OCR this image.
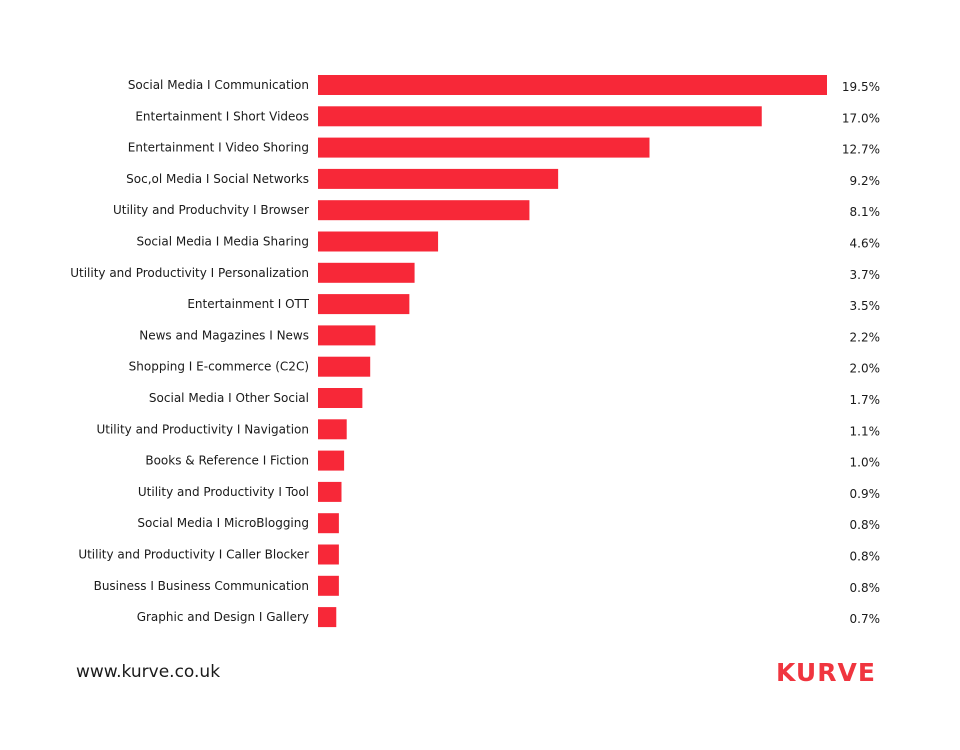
Social Media I Communication	19.5%
Entertainment I Short Videos	17.0%
Entertainment I Video Shoring	12.7%
Soc,ol Media I Social Networks	9.2%
Utility and Produchvity I Browser	8.1%
Social Media I Media Sharing	4.6%
Utility and Productivity I Personalization	3.7%
Entertainment I OTT	3.5%
News and Magazines I News	2.2%
Shopping I E-commerce (C2C)	2.0%
Social Media I Other Social	1.7%
Utility and Productivity I Navigation	1.1%
Books & Reference I Fiction	1.0%
Utility and Productivity I Tool	0.9%
Social Media I MicroBlogging	0.8%
Utility and Productivity I Caller Blocker	0.8%
Business I Business Communication	0.8%
Graphic and Design I Gallery	0.7%
www.kurve.co.uk	KURVE
